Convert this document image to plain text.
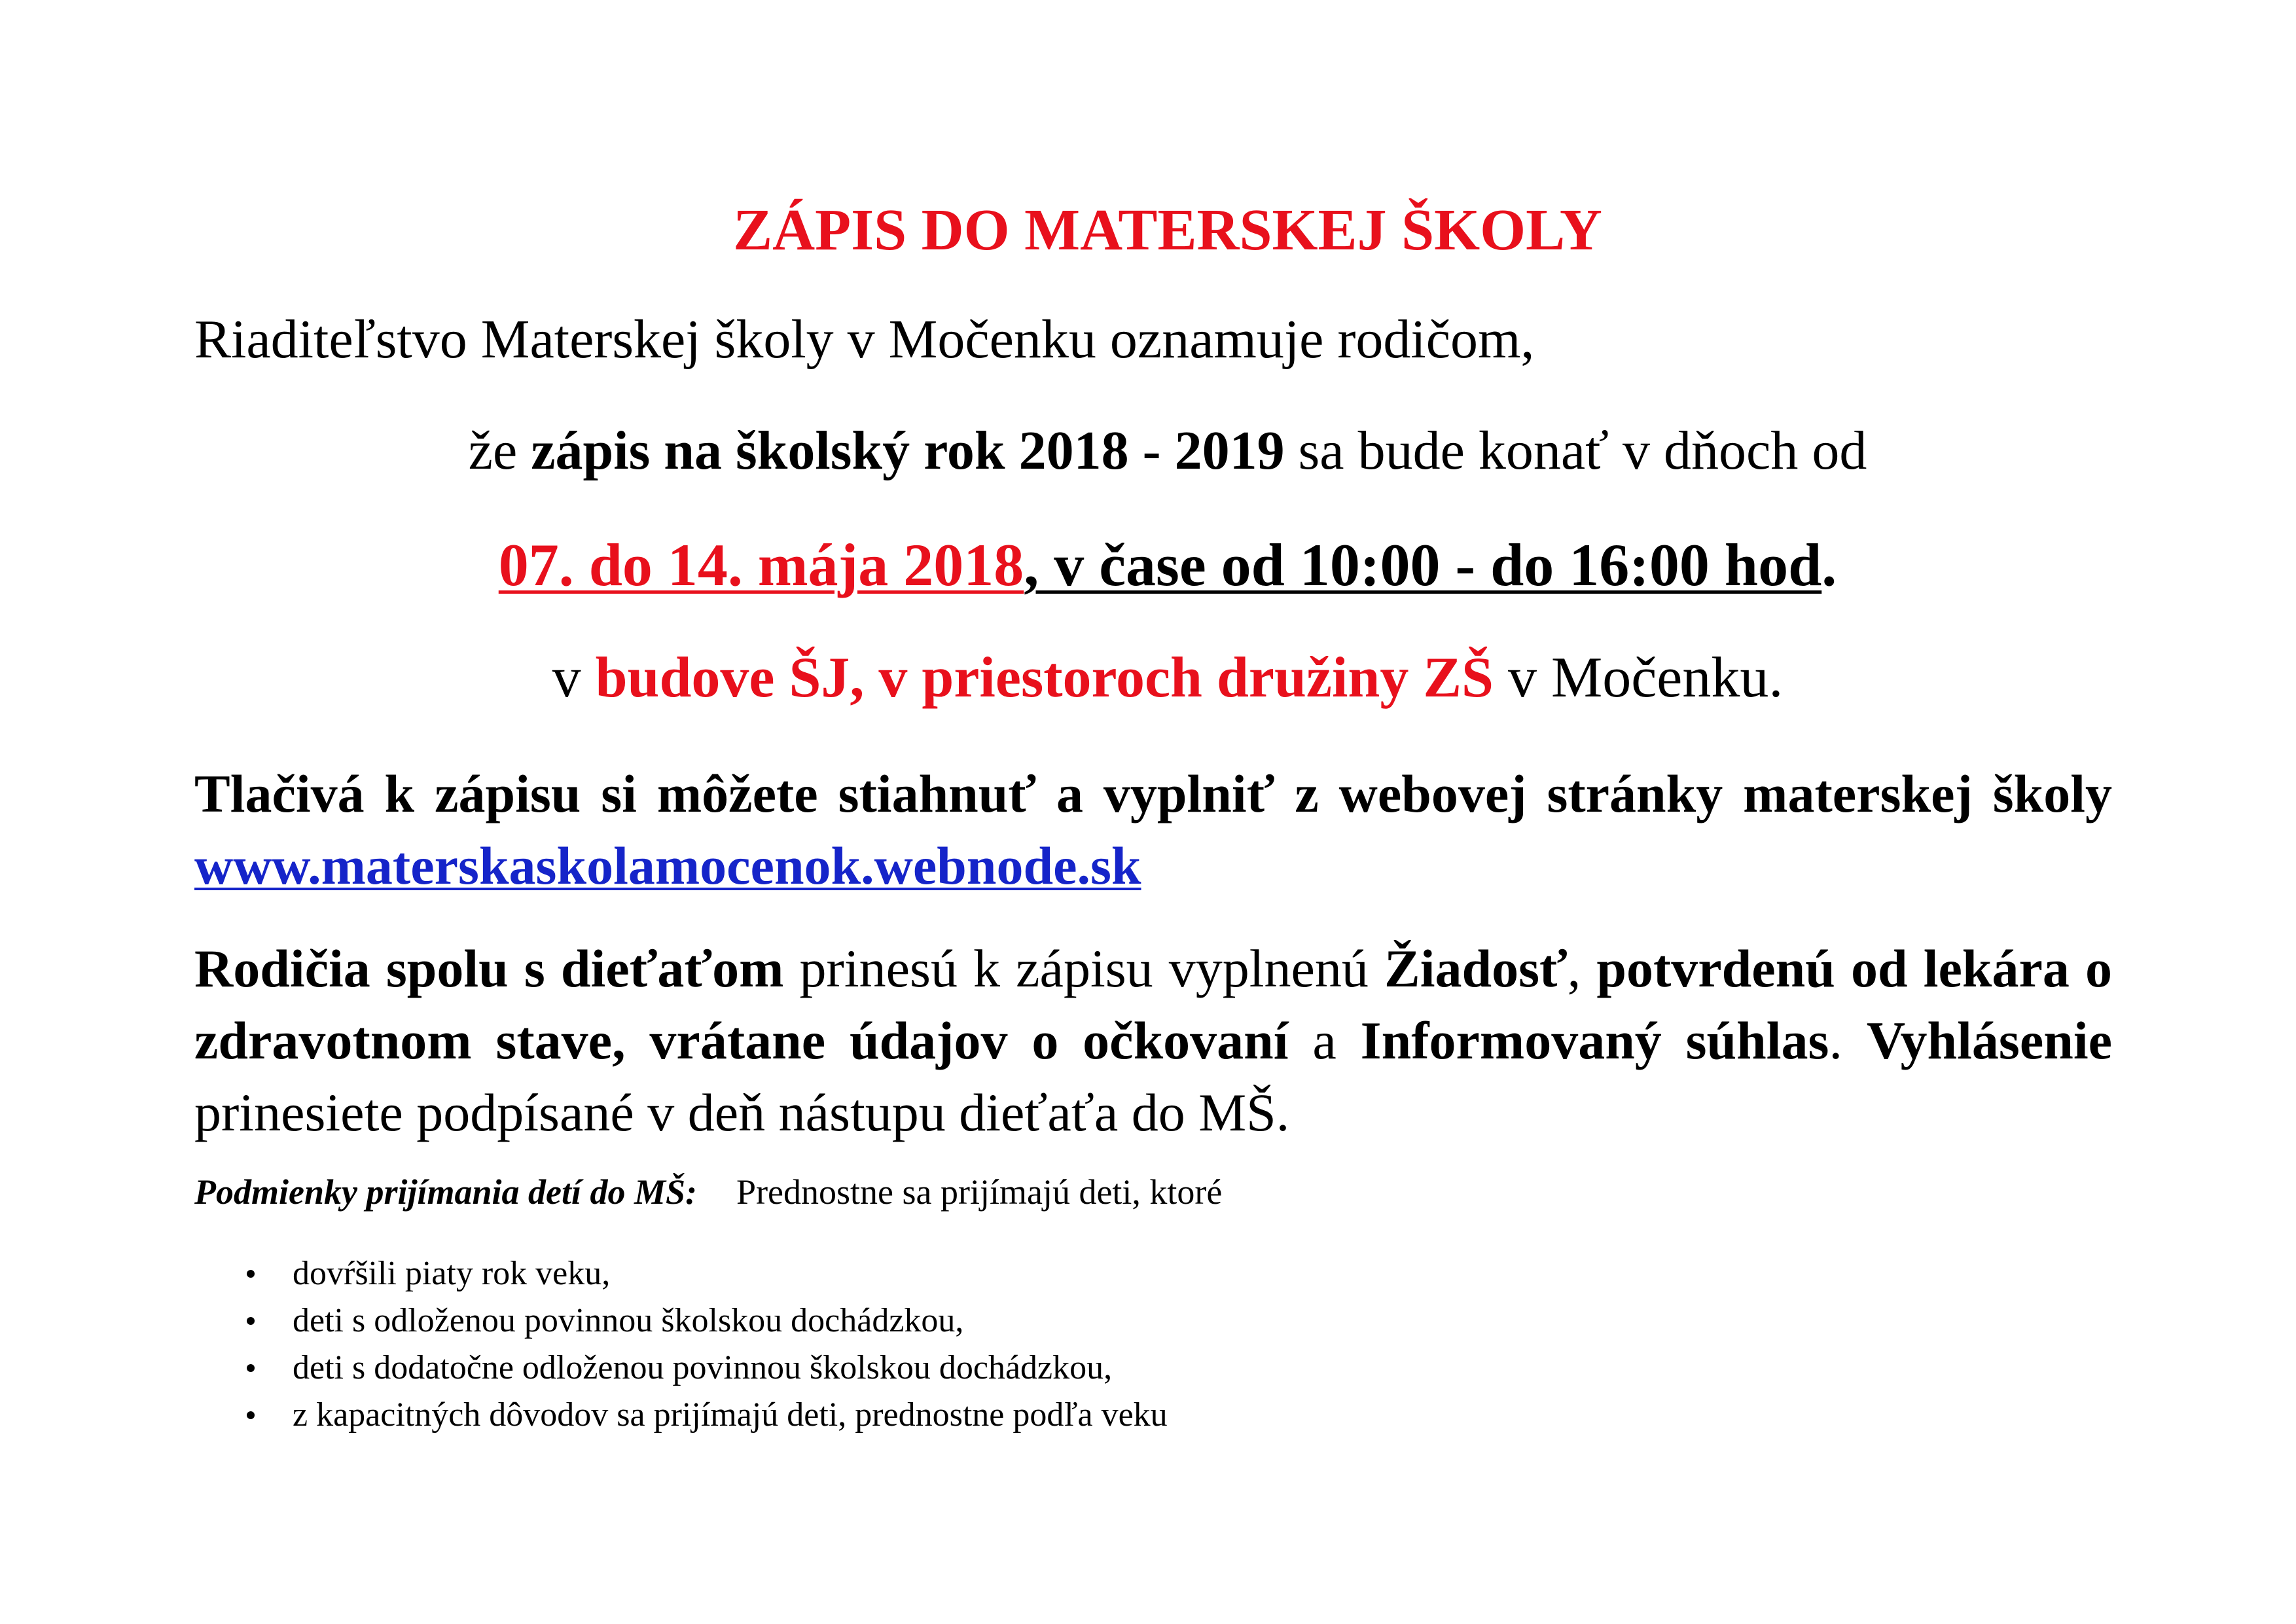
ZÁPIS DO MATERSKEJ ŠKOLY

Riaditeľstvo Materskej školy v Močenku oznamuje rodičom,

že zápis na školský rok 2018 - 2019 sa bude konať v dňoch od

07. do 14. mája 2018, v čase od 10:00 - do 16:00 hod.

v budove ŠJ, v priestoroch družiny ZŠ v Močenku.

Tlačivá k zápisu si môžete stiahnuť a vyplniť z webovej stránky materskej školy www.materskaskolamocenok.webnode.sk

Rodičia spolu s dieťaťom prinesú k zápisu vyplnenú Žiadosť, potvrdenú od lekára o zdravotnom stave, vrátane údajov o očkovaní a Informovaný súhlas. Vyhlásenie prinesiete podpísané v deň nástupu dieťaťa do MŠ.

Podmienky prijímania detí do MŠ: Prednostne sa prijímajú deti, ktoré

dovŕšili piaty rok veku,
deti s odloženou povinnou školskou dochádzkou,
deti s dodatočne odloženou povinnou školskou dochádzkou,
z kapacitných dôvodov sa prijímajú deti, prednostne podľa veku
